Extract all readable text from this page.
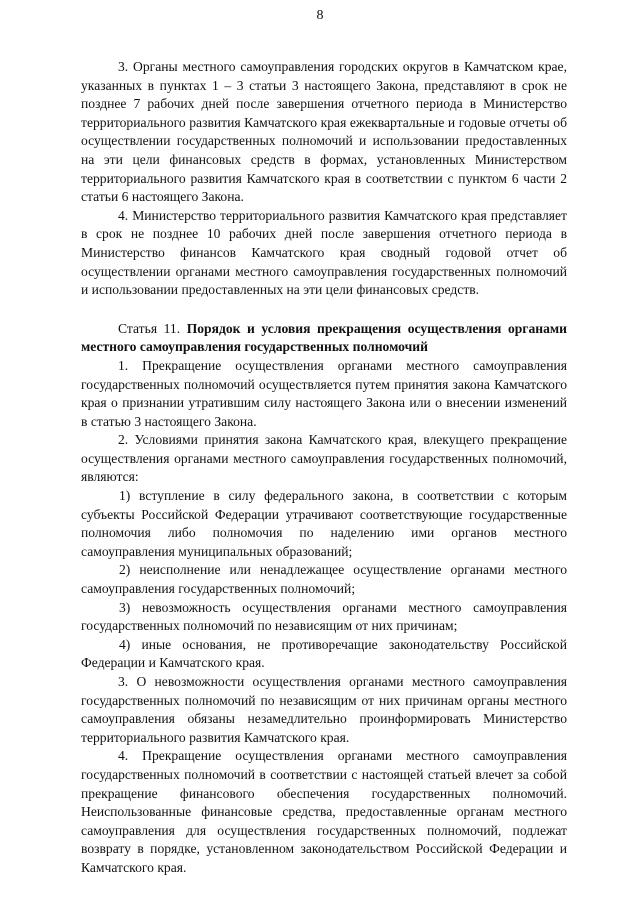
8

3. Органы местного самоуправления городских округов в Камчатском крае, указанных в пунктах 1 – 3 статьи 3 настоящего Закона, представляют в срок не позднее 7 рабочих дней после завершения отчетного периода в Министерство территориального развития Камчатского края ежеквартальные и годовые отчеты об осуществлении государственных полномочий и использовании предоставленных на эти цели финансовых средств в формах, установленных Министерством территориального развития Камчатского края в соответствии с пунктом 6 части 2 статьи 6 настоящего Закона.

4. Министерство территориального развития Камчатского края представляет в срок не позднее 10 рабочих дней после завершения отчетного периода в Министерство финансов Камчатского края сводный годовой отчет об осуществлении органами местного самоуправления государственных полномочий и использовании предоставленных на эти цели финансовых средств.

Статья 11. Порядок и условия прекращения осуществления органами местного самоуправления государственных полномочий

1. Прекращение осуществления органами местного самоуправления государственных полномочий осуществляется путем принятия закона Камчатского края о признании утратившим силу настоящего Закона или о внесении изменений в статью 3 настоящего Закона.

2. Условиями принятия закона Камчатского края, влекущего прекращение осуществления органами местного самоуправления государственных полномочий, являются:

1) вступление в силу федерального закона, в соответствии с которым субъекты Российской Федерации утрачивают соответствующие государственные полномочия либо полномочия по наделению ими органов местного самоуправления муниципальных образований;

2) неисполнение или ненадлежащее осуществление органами местного самоуправления государственных полномочий;

3) невозможность осуществления органами местного самоуправления государственных полномочий по независящим от них причинам;

4) иные основания, не противоречащие законодательству Российской Федерации и Камчатского края.

3. О невозможности осуществления органами местного самоуправления государственных полномочий по независящим от них причинам органы местного самоуправления обязаны незамедлительно проинформировать Министерство территориального развития Камчатского края.

4. Прекращение осуществления органами местного самоуправления государственных полномочий в соответствии с настоящей статьей влечет за собой прекращение финансового обеспечения государственных полномочий. Неиспользованные финансовые средства, предоставленные органам местного самоуправления для осуществления государственных полномочий, подлежат возврату в порядке, установленном законодательством Российской Федерации и Камчатского края.
